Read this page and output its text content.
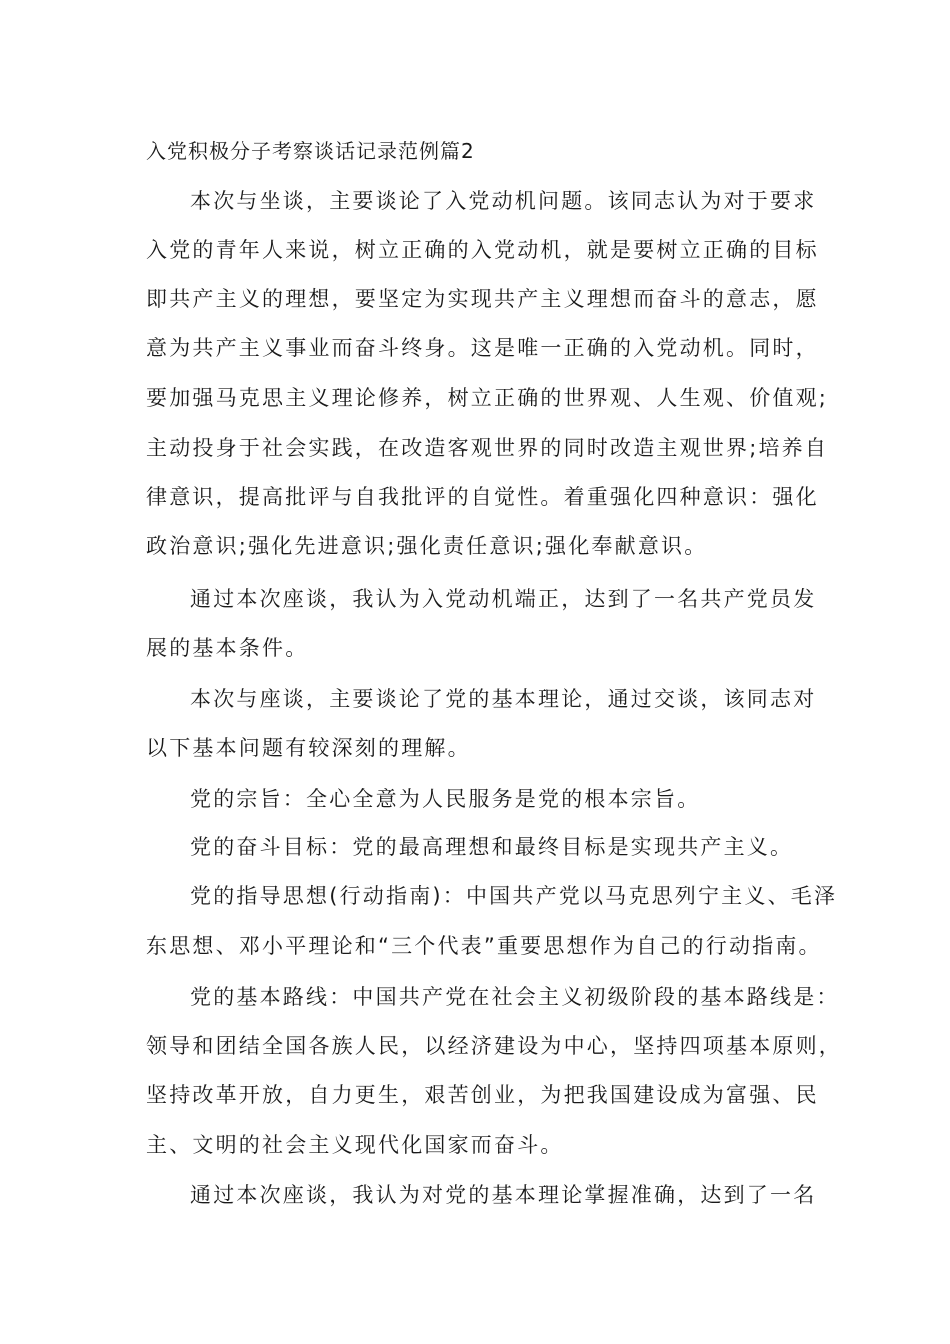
入党积极分子考察谈话记录范例篇2
本次与坐谈，主要谈论了入党动机问题。该同志认为对于要求
入党的青年人来说，树立正确的入党动机，就是要树立正确的目标
即共产主义的理想，要坚定为实现共产主义理想而奋斗的意志，愿
意为共产主义事业而奋斗终身。这是唯一正确的入党动机。同时，
要加强马克思主义理论修养，树立正确的世界观、人生观、价值观;
主动投身于社会实践，在改造客观世界的同时改造主观世界;培养自
律意识，提高批评与自我批评的自觉性。着重强化四种意识：强化
政治意识;强化先进意识;强化责任意识;强化奉献意识。
通过本次座谈，我认为入党动机端正，达到了一名共产党员发
展的基本条件。
本次与座谈，主要谈论了党的基本理论，通过交谈，该同志对
以下基本问题有较深刻的理解。
党的宗旨：全心全意为人民服务是党的根本宗旨。
党的奋斗目标：党的最高理想和最终目标是实现共产主义。
党的指导思想(行动指南)：中国共产党以马克思列宁主义、毛泽
东思想、邓小平理论和“三个代表”重要思想作为自己的行动指南。
党的基本路线：中国共产党在社会主义初级阶段的基本路线是：
领导和团结全国各族人民，以经济建设为中心，坚持四项基本原则，
坚持改革开放，自力更生，艰苦创业，为把我国建设成为富强、民
主、文明的社会主义现代化国家而奋斗。
通过本次座谈，我认为对党的基本理论掌握准确，达到了一名
